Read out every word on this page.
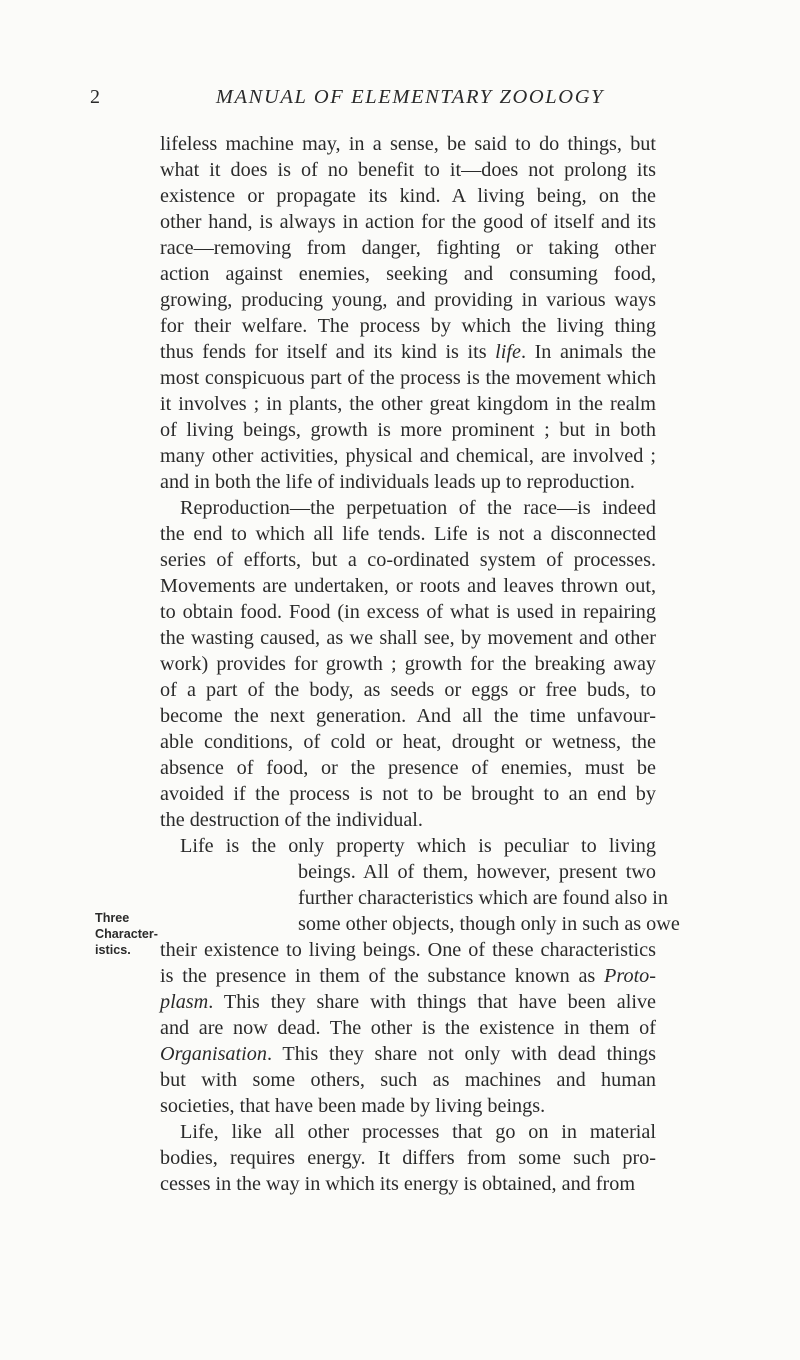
2	MANUAL OF ELEMENTARY ZOOLOGY
Three
Character-
istics.
lifeless machine may, in a sense, be said to do things, but
what it does is of no benefit to it—does not prolong its
existence or propagate its kind. A living being, on the
other hand, is always in action for the good of itself and its
race—removing from danger, fighting or taking other
action against enemies, seeking and consuming food,
growing, producing young, and providing in various ways
for their welfare. The process by which the living thing
thus fends for itself and its kind is its life. In animals the
most conspicuous part of the process is the movement which
it involves ; in plants, the other great kingdom in the realm
of living beings, growth is more prominent ; but in both
many other activities, physical and chemical, are involved ;
and in both the life of individuals leads up to reproduction.
Reproduction—the perpetuation of the race—is indeed
the end to which all life tends. Life is not a disconnected
series of efforts, but a co-ordinated system of processes.
Movements are undertaken, or roots and leaves thrown out,
to obtain food. Food (in excess of what is used in repairing
the wasting caused, as we shall see, by movement and other
work) provides for growth ; growth for the breaking away
of a part of the body, as seeds or eggs or free buds, to
become the next generation. And all the time unfavour-
able conditions, of cold or heat, drought or wetness, the
absence of food, or the presence of enemies, must be
avoided if the process is not to be brought to an end by
the destruction of the individual.
Life is the only property which is peculiar to living
beings. All of them, however, present two
further characteristics which are found also in
some other objects, though only in such as owe
their existence to living beings. One of these characteristics
is the presence in them of the substance known as Proto-
plasm. This they share with things that have been alive
and are now dead. The other is the existence in them of
Organisation. This they share not only with dead things
but with some others, such as machines and human
societies, that have been made by living beings.
Life, like all other processes that go on in material
bodies, requires energy. It differs from some such pro-
cesses in the way in which its energy is obtained, and from
